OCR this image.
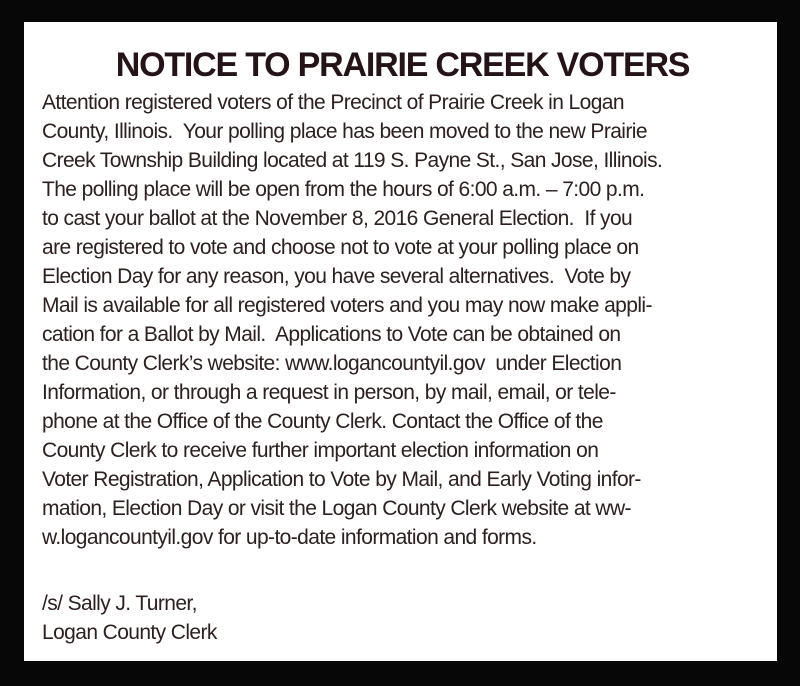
NOTICE TO PRAIRIE CREEK VOTERS
Attention registered voters of the Precinct of Prairie Creek in Logan
County, Illinois.  Your polling place has been moved to the new Prairie
Creek Township Building located at 119 S. Payne St., San Jose, Illinois.
The polling place will be open from the hours of 6:00 a.m. – 7:00 p.m.
to cast your ballot at the November 8, 2016 General Election.  If you
are registered to vote and choose not to vote at your polling place on
Election Day for any reason, you have several alternatives.  Vote by
Mail is available for all registered voters and you may now make appli-
cation for a Ballot by Mail.  Applications to Vote can be obtained on
the County Clerk’s website: www.logancountyil.gov  under Election
Information, or through a request in person, by mail, email, or tele-
phone at the Office of the County Clerk. Contact the Office of the
County Clerk to receive further important election information on
Voter Registration, Application to Vote by Mail, and Early Voting infor-
mation, Election Day or visit the Logan County Clerk website at ww-
w.logancountyil.gov for up-to-date information and forms.
/s/ Sally J. Turner,
Logan County Clerk
